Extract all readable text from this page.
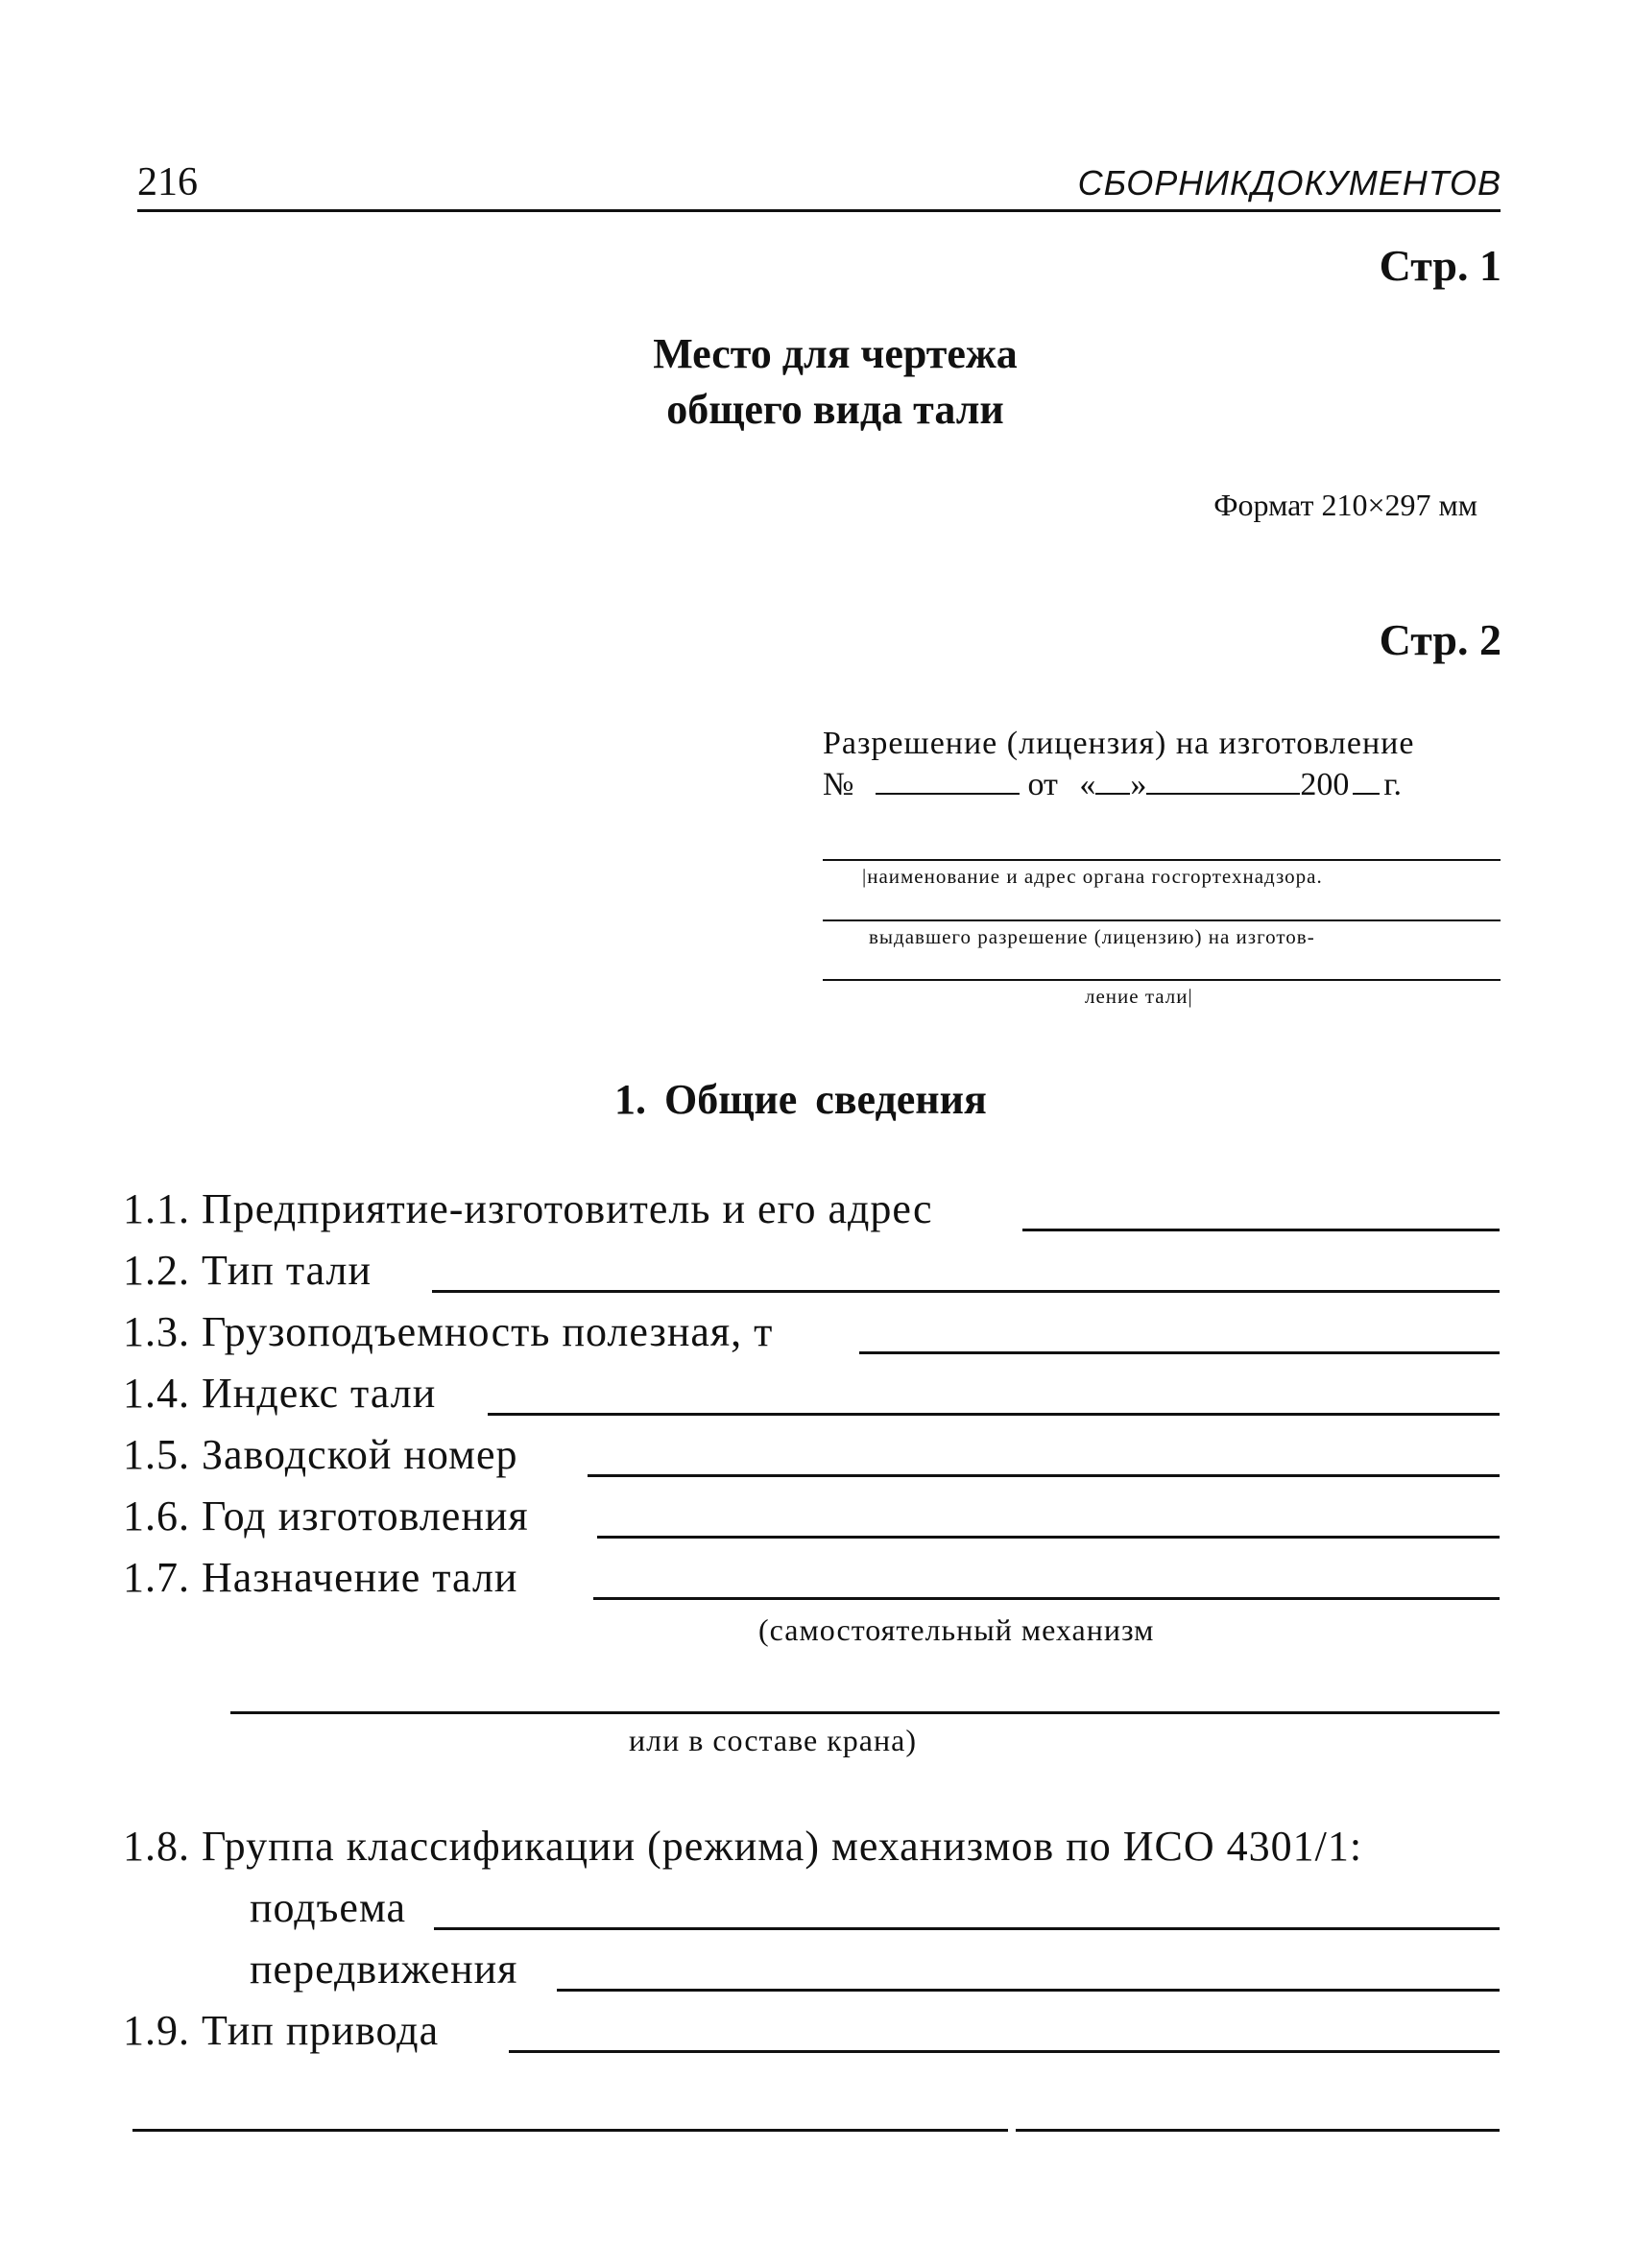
216	СБОРНИКДОКУМЕНТОВ
Стр. 1
Место для чертежа
общего вида тали
Формат 210×297 мм
Стр. 2
Разрешение (лицензия) на изготовление
№	от « »	200 г.
|наименование и адрес органа госгортехнадзора.
выдавшего разрешение (лицензию) на изготов-
ление тали|
1. Общие сведения
1.1. Предприятие-изготовитель и его адрес
1.2. Тип тали
1.3. Грузоподъемность полезная, т
1.4. Индекс тали
1.5. Заводской номер
1.6. Год изготовления
1.7. Назначение тали
(самостоятельный механизм
или в составе крана)
1.8. Группа классификации (режима) механизмов по ИСО 4301/1:
подъема
передвижения
1.9. Тип привода
